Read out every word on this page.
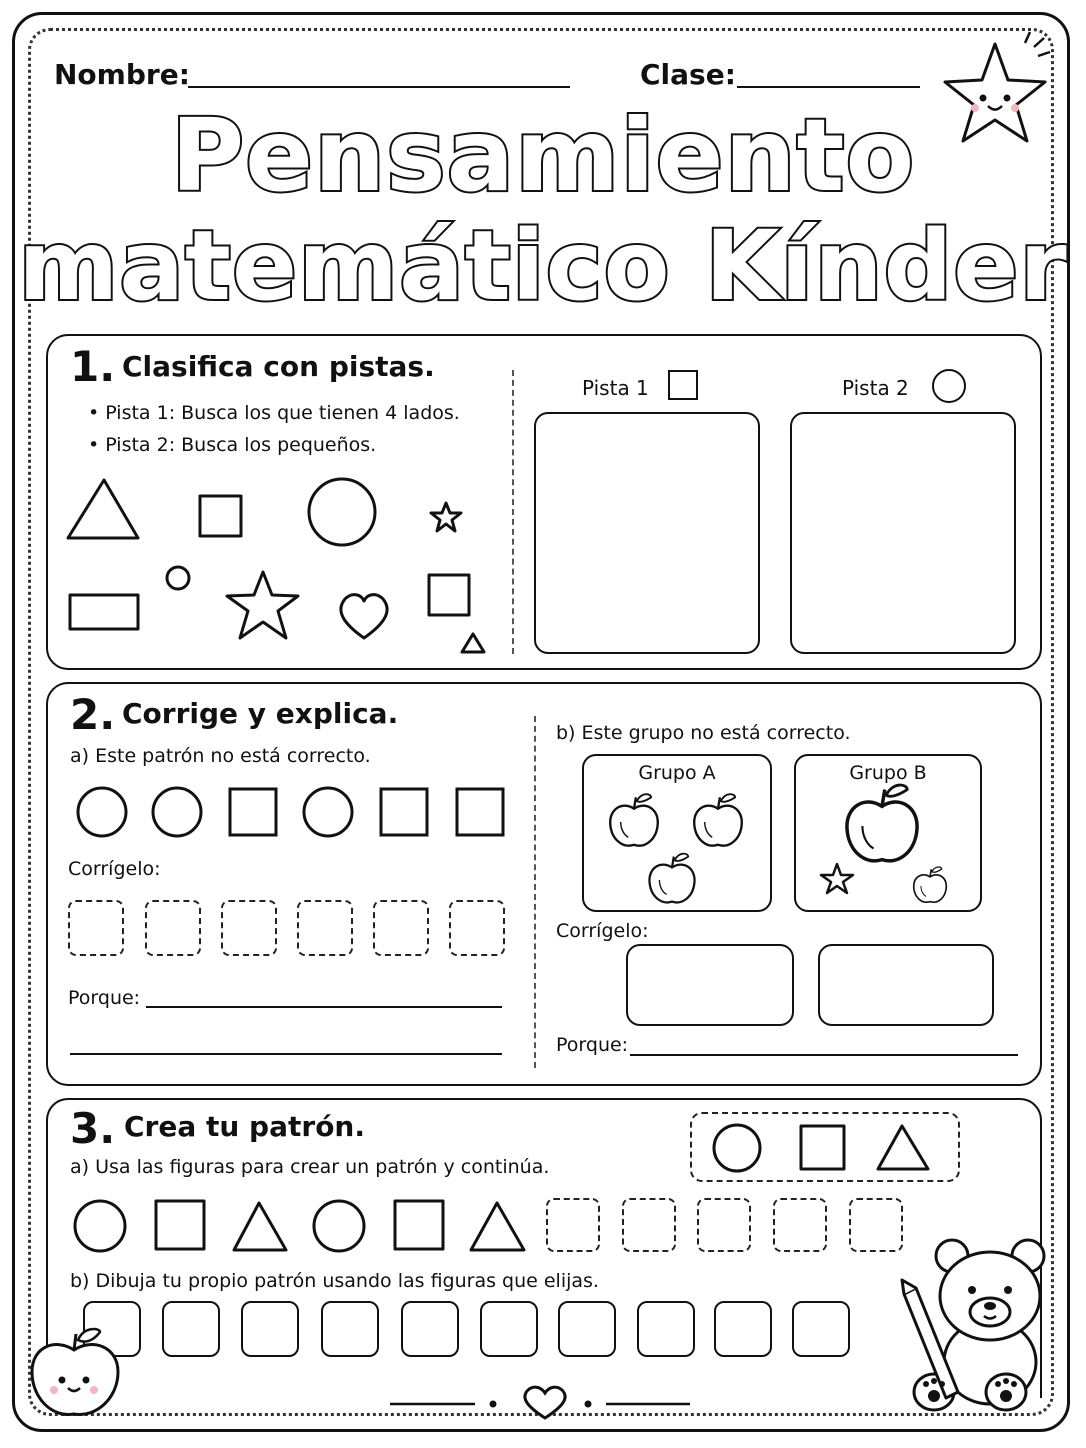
Nombre:	Clase:
Pensamiento
matemático Kínder
1. Clasifica con pistas.
• Pista 1: Busca los que tienen 4 lados.
• Pista 2: Busca los pequeños.
Pista 1	Pista 2
2. Corrige y explica.
a) Este patrón no está correcto.
Corrígelo:
Porque:
b) Este grupo no está correcto.
Grupo A	Grupo B
Corrígelo:
Porque:
3. Crea tu patrón.
a) Usa las figuras para crear un patrón y continúa.
b) Dibuja tu propio patrón usando las figuras que elijas.
